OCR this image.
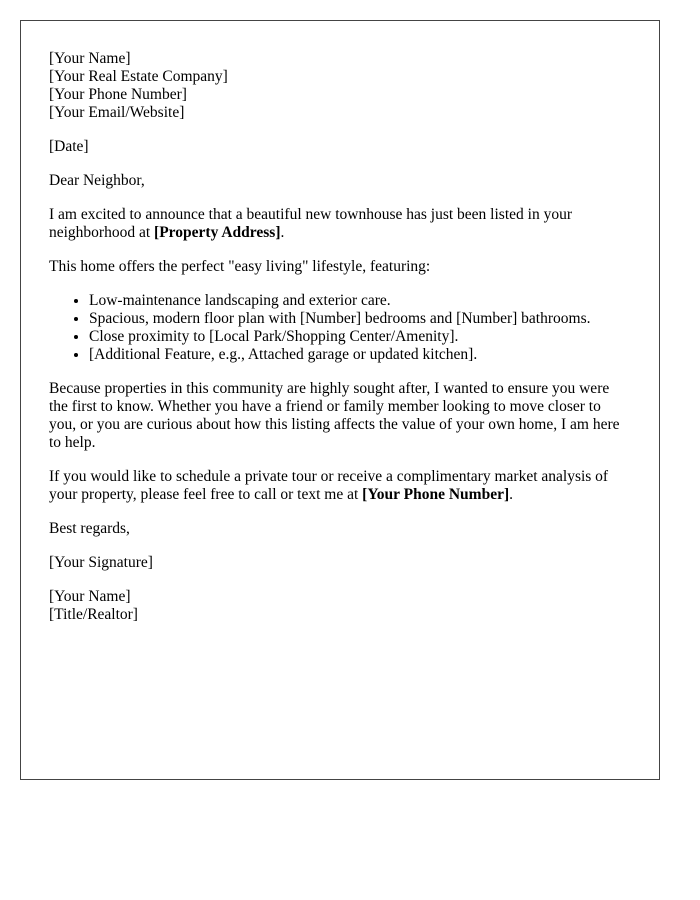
[Your Name]
[Your Real Estate Company]
[Your Phone Number]
[Your Email/Website]

[Date]

Dear Neighbor,

I am excited to announce that a beautiful new townhouse has just been listed in your neighborhood at [Property Address].

This home offers the perfect "easy living" lifestyle, featuring:

• Low-maintenance landscaping and exterior care.
• Spacious, modern floor plan with [Number] bedrooms and [Number] bathrooms.
• Close proximity to [Local Park/Shopping Center/Amenity].
• [Additional Feature, e.g., Attached garage or updated kitchen].

Because properties in this community are highly sought after, I wanted to ensure you were the first to know. Whether you have a friend or family member looking to move closer to you, or you are curious about how this listing affects the value of your own home, I am here to help.

If you would like to schedule a private tour or receive a complimentary market analysis of your property, please feel free to call or text me at [Your Phone Number].

Best regards,

[Your Signature]

[Your Name]
[Title/Realtor]
